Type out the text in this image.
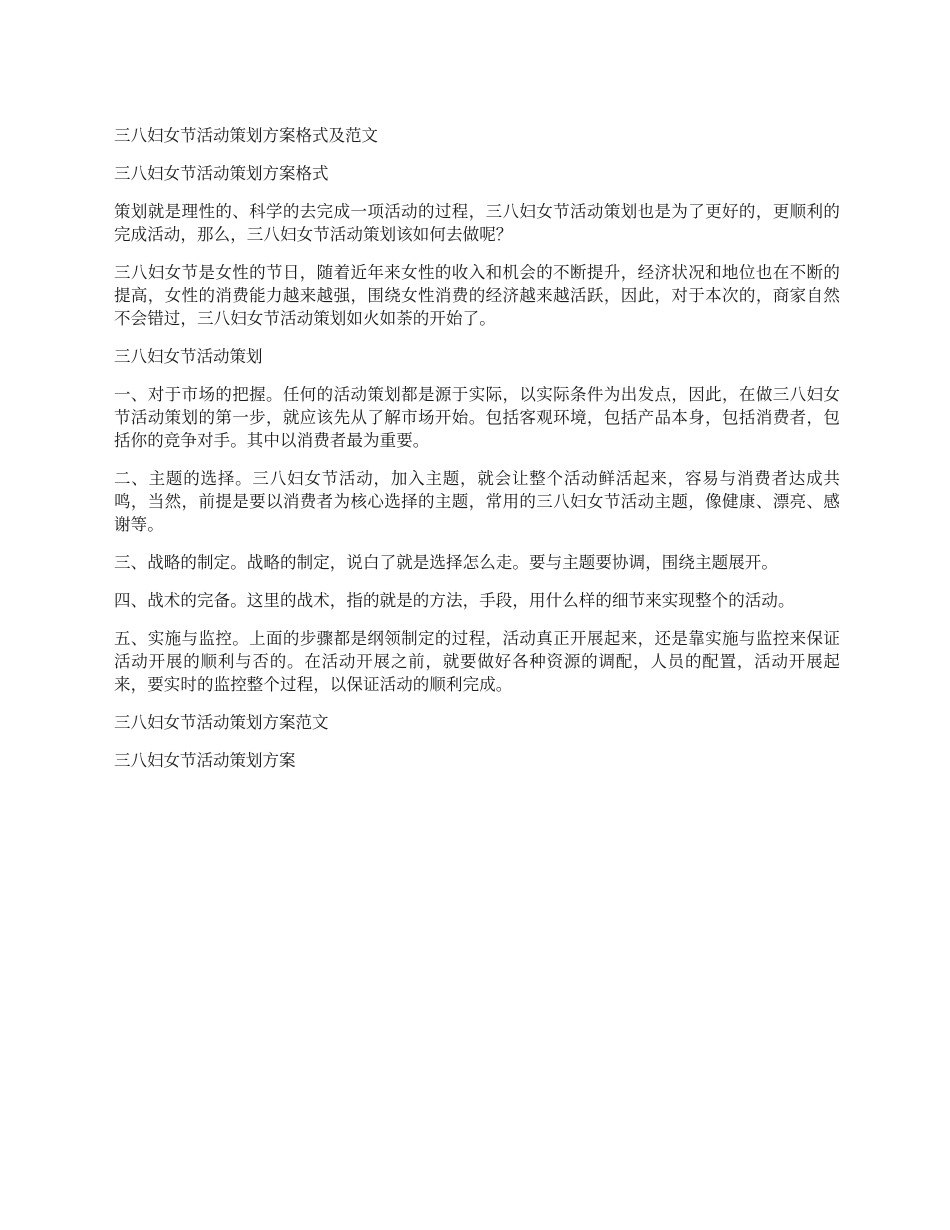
三八妇女节活动策划方案格式及范文

三八妇女节活动策划方案格式

策划就是理性的、科学的去完成一项活动的过程，三八妇女节活动策划也是为了更好的，更顺利的完成活动，那么，三八妇女节活动策划该如何去做呢？

三八妇女节是女性的节日，随着近年来女性的收入和机会的不断提升，经济状况和地位也在不断的提高，女性的消费能力越来越强，围绕女性消费的经济越来越活跃，因此，对于本次的，商家自然不会错过，三八妇女节活动策划如火如荼的开始了。

三八妇女节活动策划

一、对于市场的把握。任何的活动策划都是源于实际，以实际条件为出发点，因此，在做三八妇女节活动策划的第一步，就应该先从了解市场开始。包括客观环境，包括产品本身，包括消费者，包括你的竞争对手。其中以消费者最为重要。

二、主题的选择。三八妇女节活动，加入主题，就会让整个活动鲜活起来，容易与消费者达成共鸣，当然，前提是要以消费者为核心选择的主题，常用的三八妇女节活动主题，像健康、漂亮、感谢等。

三、战略的制定。战略的制定，说白了就是选择怎么走。要与主题要协调，围绕主题展开。

四、战术的完备。这里的战术，指的就是的方法，手段，用什么样的细节来实现整个的活动。

五、实施与监控。上面的步骤都是纲领制定的过程，活动真正开展起来，还是靠实施与监控来保证活动开展的顺利与否的。在活动开展之前，就要做好各种资源的调配，人员的配置，活动开展起来，要实时的监控整个过程，以保证活动的顺利完成。

三八妇女节活动策划方案范文

三八妇女节活动策划方案
